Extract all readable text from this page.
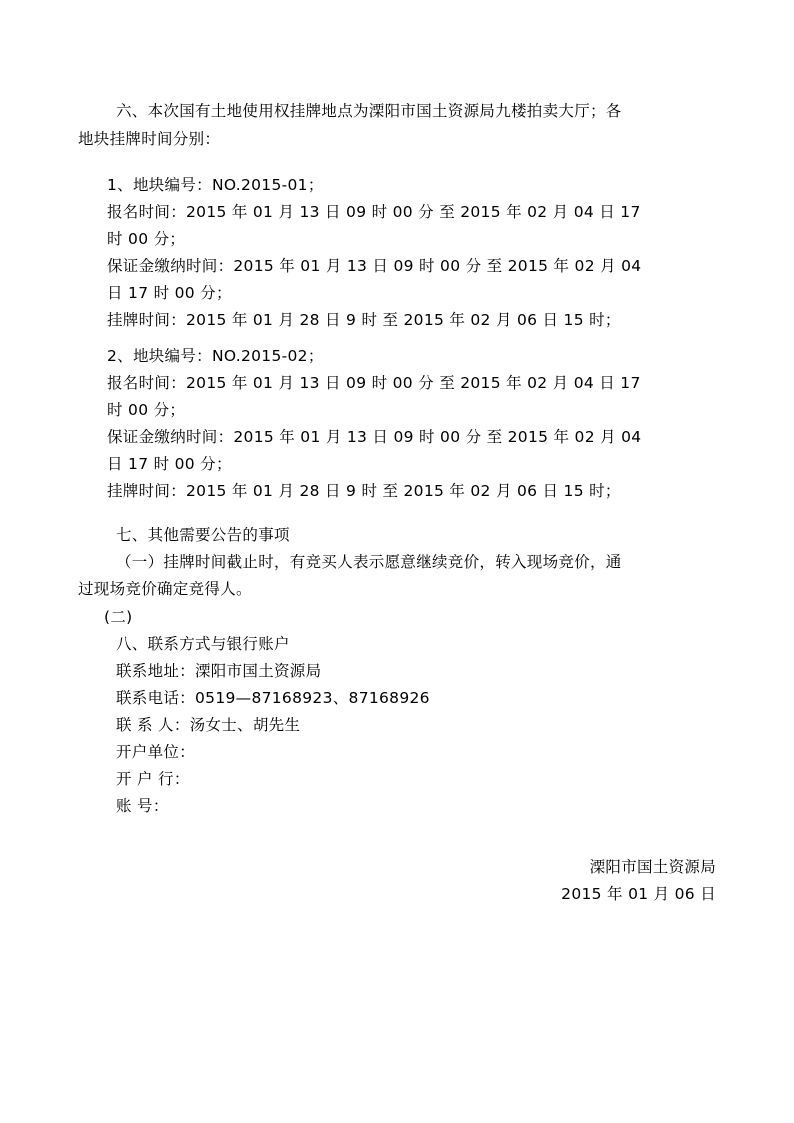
六、本次国有土地使用权挂牌地点为溧阳市国土资源局九楼拍卖大厅；各
地块挂牌时间分别：
1、地块编号：NO.2015-01；
报名时间：2015 年 01 月 13 日 09 时 00 分 至 2015 年 02 月 04 日 17
时 00 分；
保证金缴纳时间：2015 年 01 月 13 日 09 时 00 分 至 2015 年 02 月 04
日 17 时 00 分；
挂牌时间：2015 年 01 月 28 日 9 时 至 2015 年 02 月 06 日 15 时；
2、地块编号：NO.2015-02；
报名时间：2015 年 01 月 13 日 09 时 00 分 至 2015 年 02 月 04 日 17
时 00 分；
保证金缴纳时间：2015 年 01 月 13 日 09 时 00 分 至 2015 年 02 月 04
日 17 时 00 分；
挂牌时间：2015 年 01 月 28 日 9 时 至 2015 年 02 月 06 日 15 时；
七、其他需要公告的事项
（一）挂牌时间截止时，有竞买人表示愿意继续竞价，转入现场竞价，通
过现场竞价确定竞得人。
(二)
八、联系方式与银行账户
联系地址：溧阳市国土资源局
联系电话：0519—87168923、87168926
联 系 人：汤女士、胡先生
开户单位：
开 户 行：
账 号：
溧阳市国土资源局
2015 年 01 月 06 日
